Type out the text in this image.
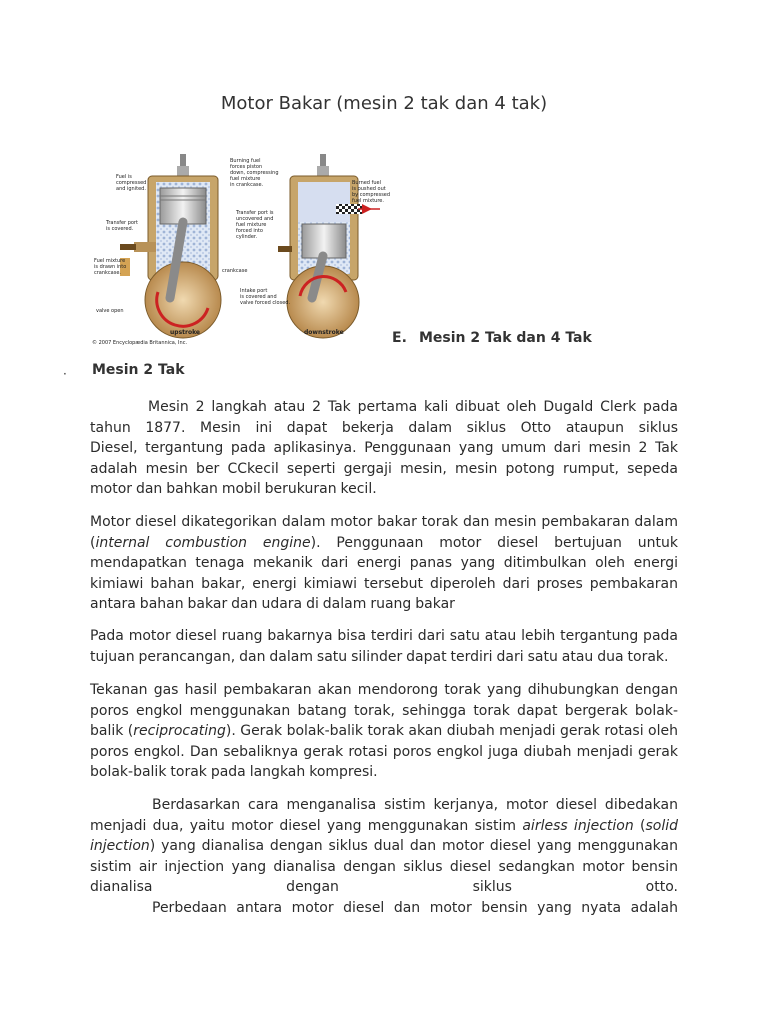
Motor Bakar (mesin 2 tak dan 4 tak)
Fuel is compressed and ignited.
Burning fuel forces piston down, compressing fuel mixture in crankcase.	Burned fuel is pushed out by compressed fuel mixture.
Transfer port is covered.
Transfer port is uncovered and fuel mixture forced into cylinder.
Fuel mixture is drawn into crankcase.	crankcase
valve open
Intake port is covered and valve forced closed.
upstroke	downstroke
© 2007 Encyclopædia Britannica, Inc.	E. Mesin 2 Tak dan 4 Tak
· Mesin 2 Tak
Mesin 2 langkah atau 2 Tak pertama kali dibuat oleh Dugald Clerk pada
tahun 1877. Mesin ini dapat bekerja dalam siklus Otto ataupun siklus
Diesel, tergantung pada aplikasinya. Penggunaan yang umum dari mesin 2 Tak
adalah mesin ber CCkecil seperti gergaji mesin, mesin potong rumput, sepeda
motor dan bahkan mobil berukuran kecil.
Motor diesel dikategorikan dalam motor bakar torak dan mesin pembakaran dalam
(internal combustion engine). Penggunaan motor diesel bertujuan untuk
mendapatkan tenaga mekanik dari energi panas yang ditimbulkan oleh energi
kimiawi bahan bakar, energi kimiawi tersebut diperoleh dari proses pembakaran
antara bahan bakar dan udara di dalam ruang bakar
Pada motor diesel ruang bakarnya bisa terdiri dari satu atau lebih tergantung pada
tujuan perancangan, dan dalam satu silinder dapat terdiri dari satu atau dua torak.
Tekanan gas hasil pembakaran akan mendorong torak yang dihubungkan dengan
poros engkol menggunakan batang torak, sehingga torak dapat bergerak bolak-
balik (reciprocating). Gerak bolak-balik torak akan diubah menjadi gerak rotasi oleh
poros engkol. Dan sebaliknya gerak rotasi poros engkol juga diubah menjadi gerak
bolak-balik torak pada langkah kompresi.
Berdasarkan cara menganalisa sistim kerjanya, motor diesel dibedakan
menjadi dua, yaitu motor diesel yang menggunakan sistim airless injection (solid
injection) yang dianalisa dengan siklus dual dan motor diesel yang menggunakan
sistim air injection yang dianalisa dengan siklus diesel sedangkan motor bensin
dianalisa dengan siklus otto.
Perbedaan antara motor diesel dan motor bensin yang nyata adalah
